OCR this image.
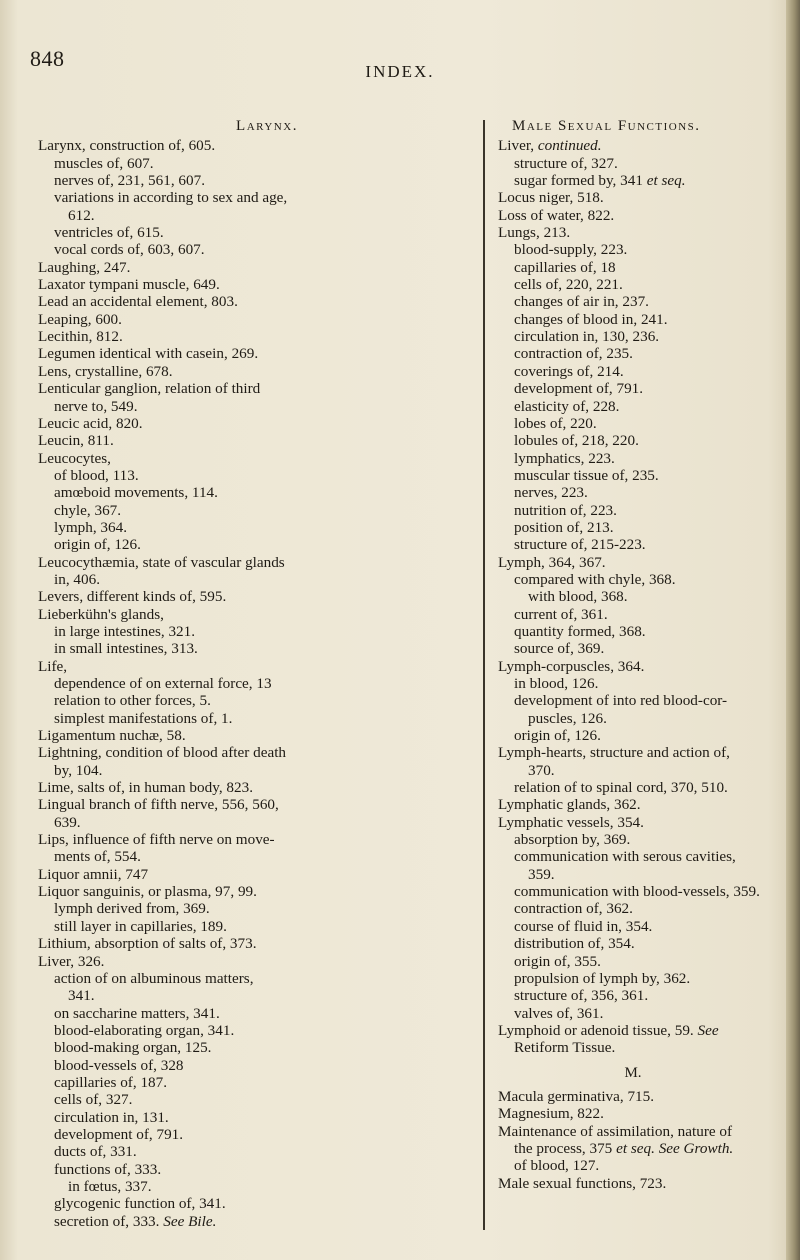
848
INDEX.
Larynx.
Larynx, construction of, 605.
muscles of, 607.
nerves of, 231, 561, 607.
variations in according to sex and age,
612.
ventricles of, 615.
vocal cords of, 603, 607.
Laughing, 247.
Laxator tympani muscle, 649.
Lead an accidental element, 803.
Leaping, 600.
Lecithin, 812.
Legumen identical with casein, 269.
Lens, crystalline, 678.
Lenticular ganglion, relation of third
nerve to, 549.
Leucic acid, 820.
Leucin, 811.
Leucocytes,
of blood, 113.
amœboid movements, 114.
chyle, 367.
lymph, 364.
origin of, 126.
Leucocythæmia, state of vascular glands
in, 406.
Levers, different kinds of, 595.
Lieberkühn's glands,
in large intestines, 321.
in small intestines, 313.
Life,
dependence of on external force, 13
relation to other forces, 5.
simplest manifestations of, 1.
Ligamentum nuchæ, 58.
Lightning, condition of blood after death
by, 104.
Lime, salts of, in human body, 823.
Lingual branch of fifth nerve, 556, 560,
639.
Lips, influence of fifth nerve on move-
ments of, 554.
Liquor amnii, 747
Liquor sanguinis, or plasma, 97, 99.
lymph derived from, 369.
still layer in capillaries, 189.
Lithium, absorption of salts of, 373.
Liver, 326.
action of on albuminous matters,
341.
on saccharine matters, 341.
blood-elaborating organ, 341.
blood-making organ, 125.
blood-vessels of, 328
capillaries of, 187.
cells of, 327.
circulation in, 131.
development of, 791.
ducts of, 331.
functions of, 333.
in fœtus, 337.
glycogenic function of, 341.
secretion of, 333. See Bile.
Male Sexual Functions.
Liver, continued.
structure of, 327.
sugar formed by, 341 et seq.
Locus niger, 518.
Loss of water, 822.
Lungs, 213.
blood-supply, 223.
capillaries of, 18
cells of, 220, 221.
changes of air in, 237.
changes of blood in, 241.
circulation in, 130, 236.
contraction of, 235.
coverings of, 214.
development of, 791.
elasticity of, 228.
lobes of, 220.
lobules of, 218, 220.
lymphatics, 223.
muscular tissue of, 235.
nerves, 223.
nutrition of, 223.
position of, 213.
structure of, 215-223.
Lymph, 364, 367.
compared with chyle, 368.
with blood, 368.
current of, 361.
quantity formed, 368.
source of, 369.
Lymph-corpuscles, 364.
in blood, 126.
development of into red blood-cor-
puscles, 126.
origin of, 126.
Lymph-hearts, structure and action of,
370.
relation of to spinal cord, 370, 510.
Lymphatic glands, 362.
Lymphatic vessels, 354.
absorption by, 369.
communication with serous cavities,
359.
communication with blood-vessels, 359.
contraction of, 362.
course of fluid in, 354.
distribution of, 354.
origin of, 355.
propulsion of lymph by, 362.
structure of, 356, 361.
valves of, 361.
Lymphoid or adenoid tissue, 59. See
Retiform Tissue.
M.
Macula germinativa, 715.
Magnesium, 822.
Maintenance of assimilation, nature of
the process, 375 et seq. See Growth.
of blood, 127.
Male sexual functions, 723.
